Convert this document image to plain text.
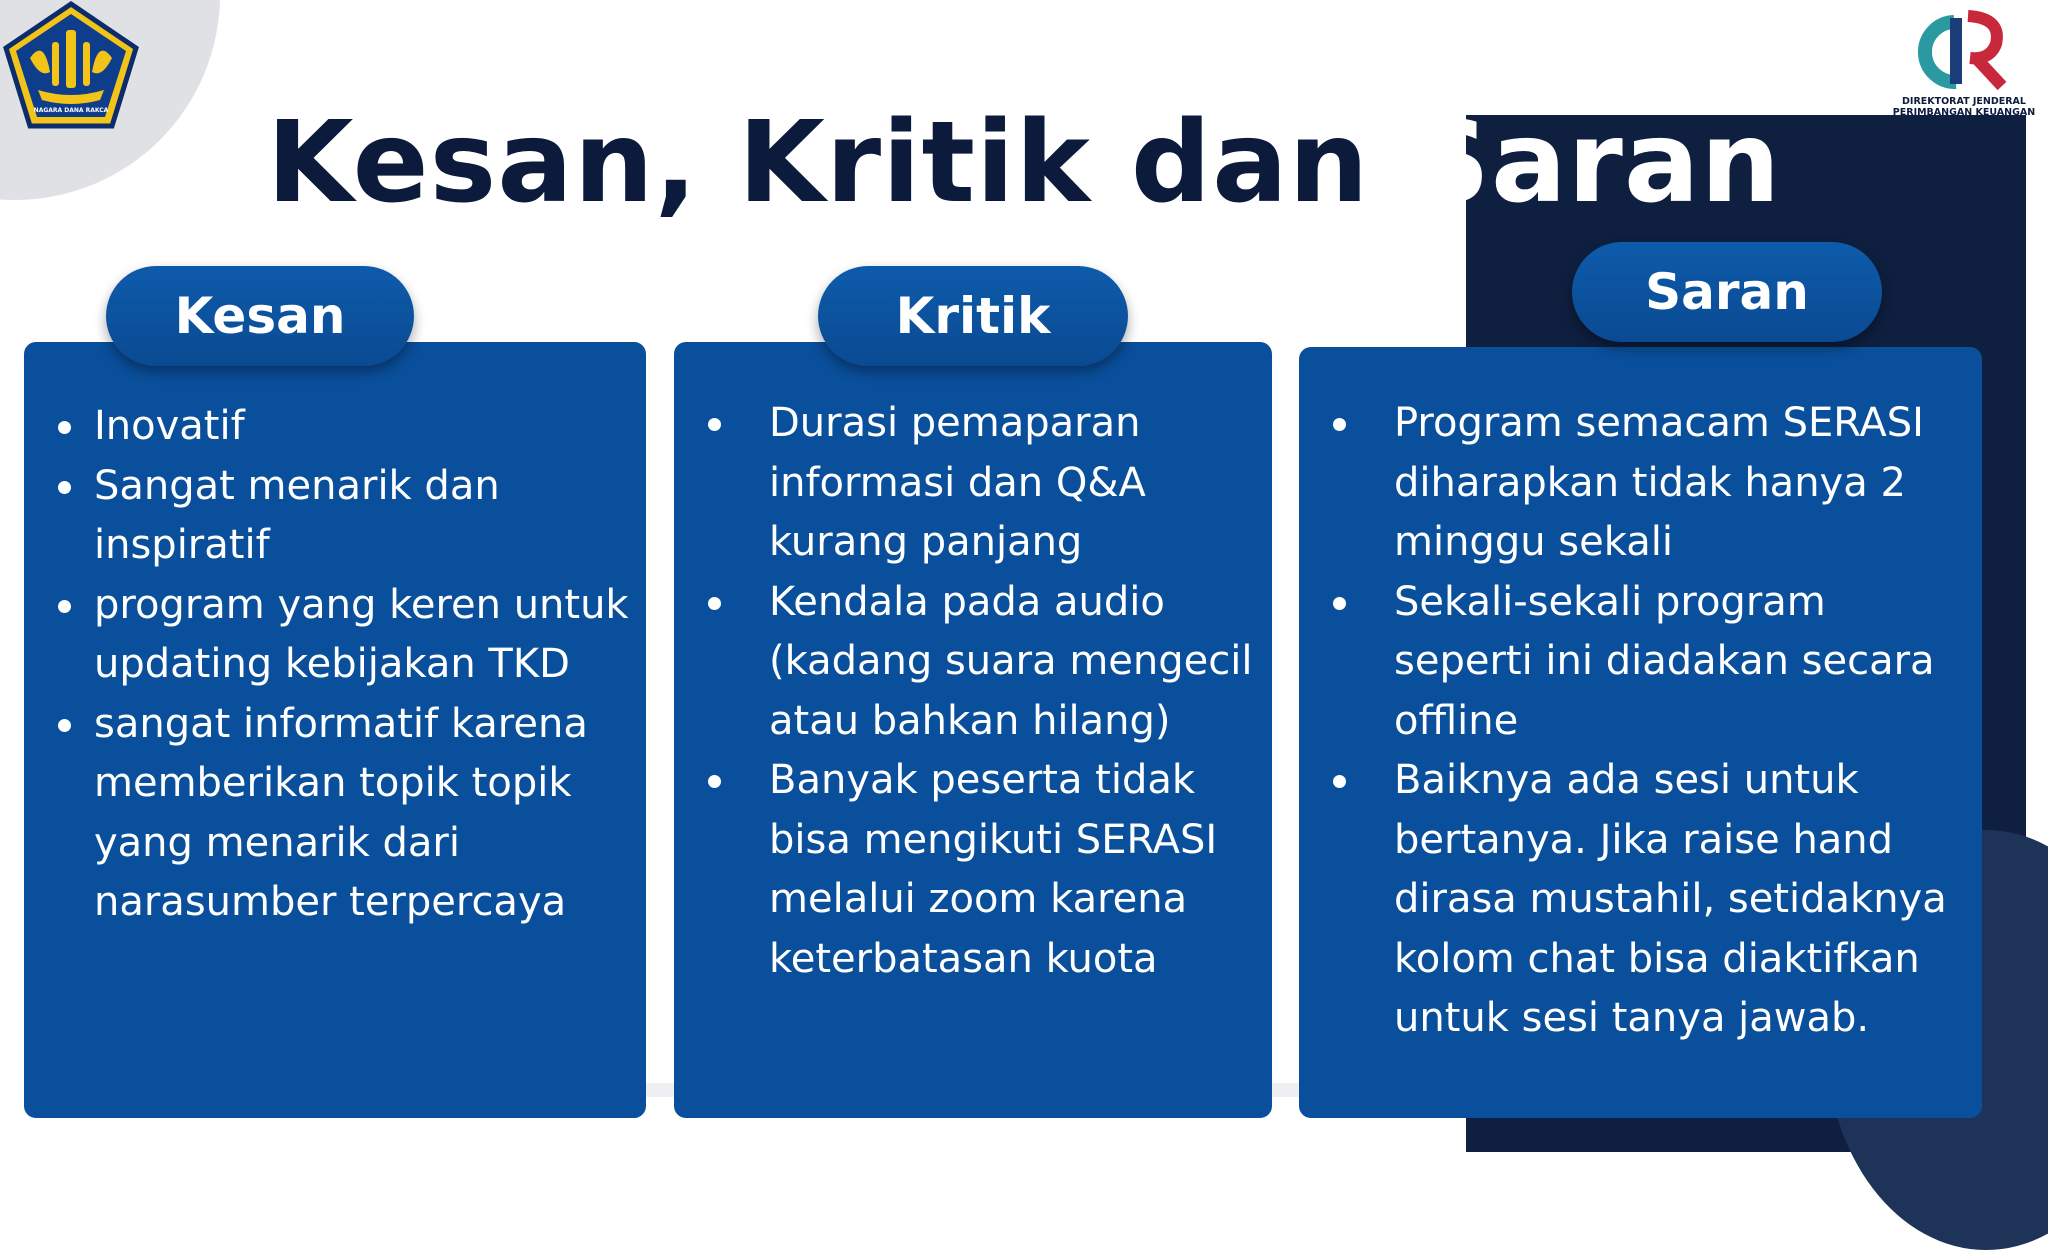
NAGARA DANA RAKCA
DIREKTORAT JENDERAL
PERIMBANGAN KEUANGAN
Kesan, Kritik dan Saran
Inovatif
Sangat menarik dan inspiratif
program yang keren untuk updating kebijakan TKD
sangat informatif karena memberikan topik topik yang menarik dari narasumber terpercaya
Kesan
Durasi pemaparan informasi dan Q&A kurang panjang
Kendala pada audio (kadang suara mengecil atau bahkan hilang)
Banyak peserta tidak bisa mengikuti SERASI melalui zoom karena keterbatasan kuota
Kritik
Program semacam SERASI diharapkan tidak hanya 2 minggu sekali
Sekali-sekali program seperti ini diadakan secara offline
Baiknya ada sesi untuk bertanya. Jika raise hand dirasa mustahil, setidaknya kolom chat bisa diaktifkan untuk sesi tanya jawab.
Saran
